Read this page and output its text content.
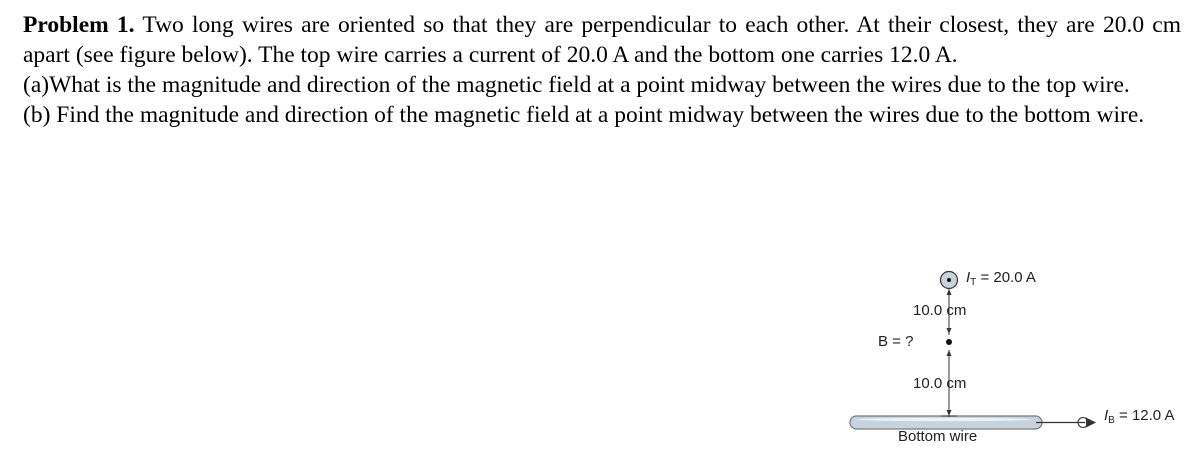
Problem 1. Two long wires are oriented so that they are perpendicular to each other. At their closest, they are 20.0 cm apart (see figure below). The top wire carries a current of 20.0 A and the bottom one carries 12.0 A.

(a)What is the magnitude and direction of the magnetic field at a point midway between the wires due to the top wire.

(b) Find the magnitude and direction of the magnetic field at a point midway between the wires due to the bottom wire.

$I_T = 20.0$ A
10.0 cm
B = ?
10.0 cm
$I_B = 12.0$ A
Bottom wire
